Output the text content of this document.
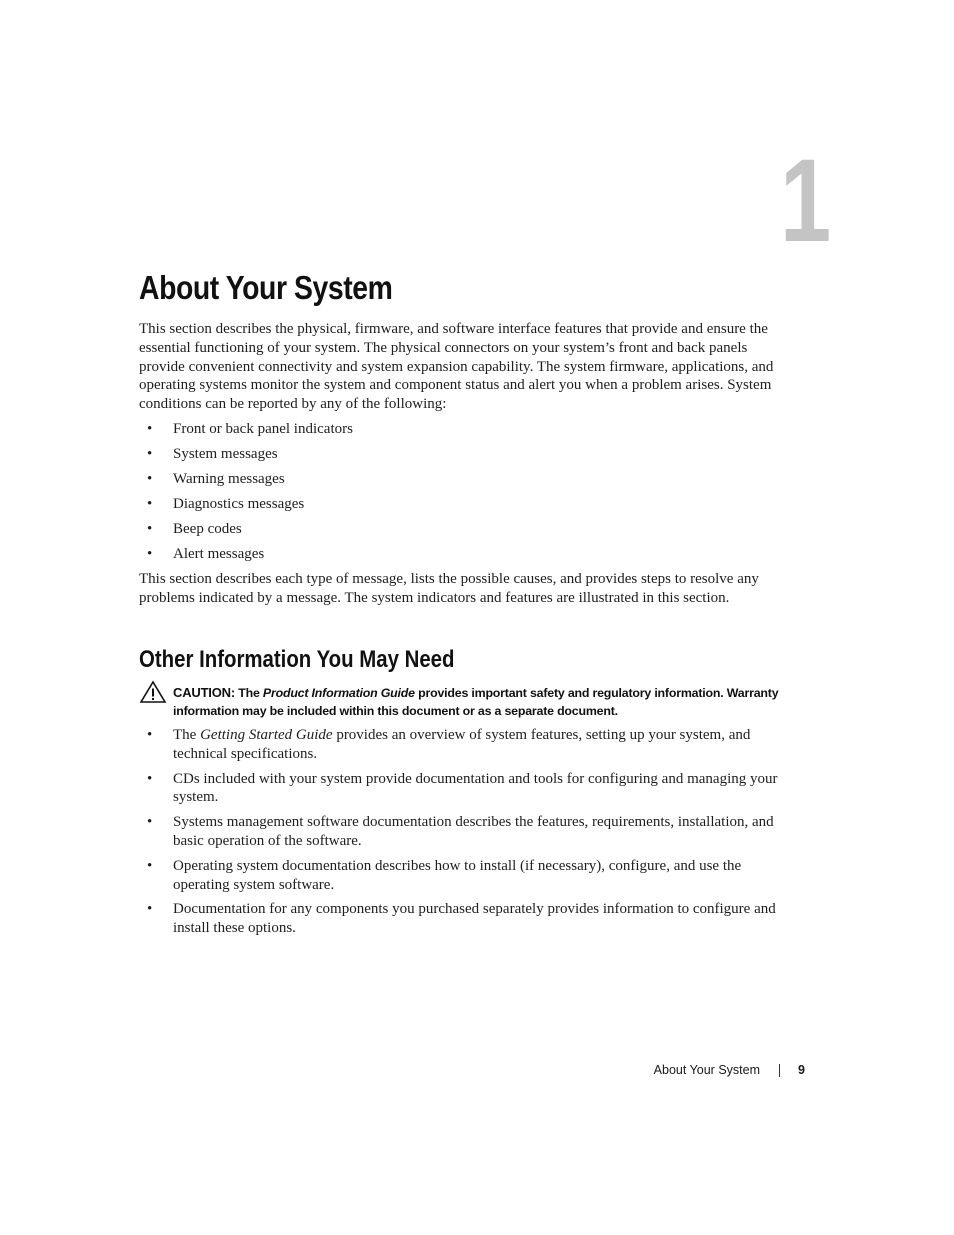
1
About Your System

This section describes the physical, firmware, and software interface features that provide and ensure the essential functioning of your system. The physical connectors on your system’s front and back panels provide convenient connectivity and system expansion capability. The system firmware, applications, and operating systems monitor the system and component status and alert you when a problem arises. System conditions can be reported by any of the following:

• Front or back panel indicators
• System messages
• Warning messages
• Diagnostics messages
• Beep codes
• Alert messages

This section describes each type of message, lists the possible causes, and provides steps to resolve any problems indicated by a message. The system indicators and features are illustrated in this section.

Other Information You May Need
CAUTION: The Product Information Guide provides important safety and regulatory information. Warranty information may be included within this document or as a separate document.
• The Getting Started Guide provides an overview of system features, setting up your system, and technical specifications.
• CDs included with your system provide documentation and tools for configuring and managing your system.
• Systems management software documentation describes the features, requirements, installation, and basic operation of the software.
• Operating system documentation describes how to install (if necessary), configure, and use the operating system software.
• Documentation for any components you purchased separately provides information to configure and install these options.
About Your System	9
